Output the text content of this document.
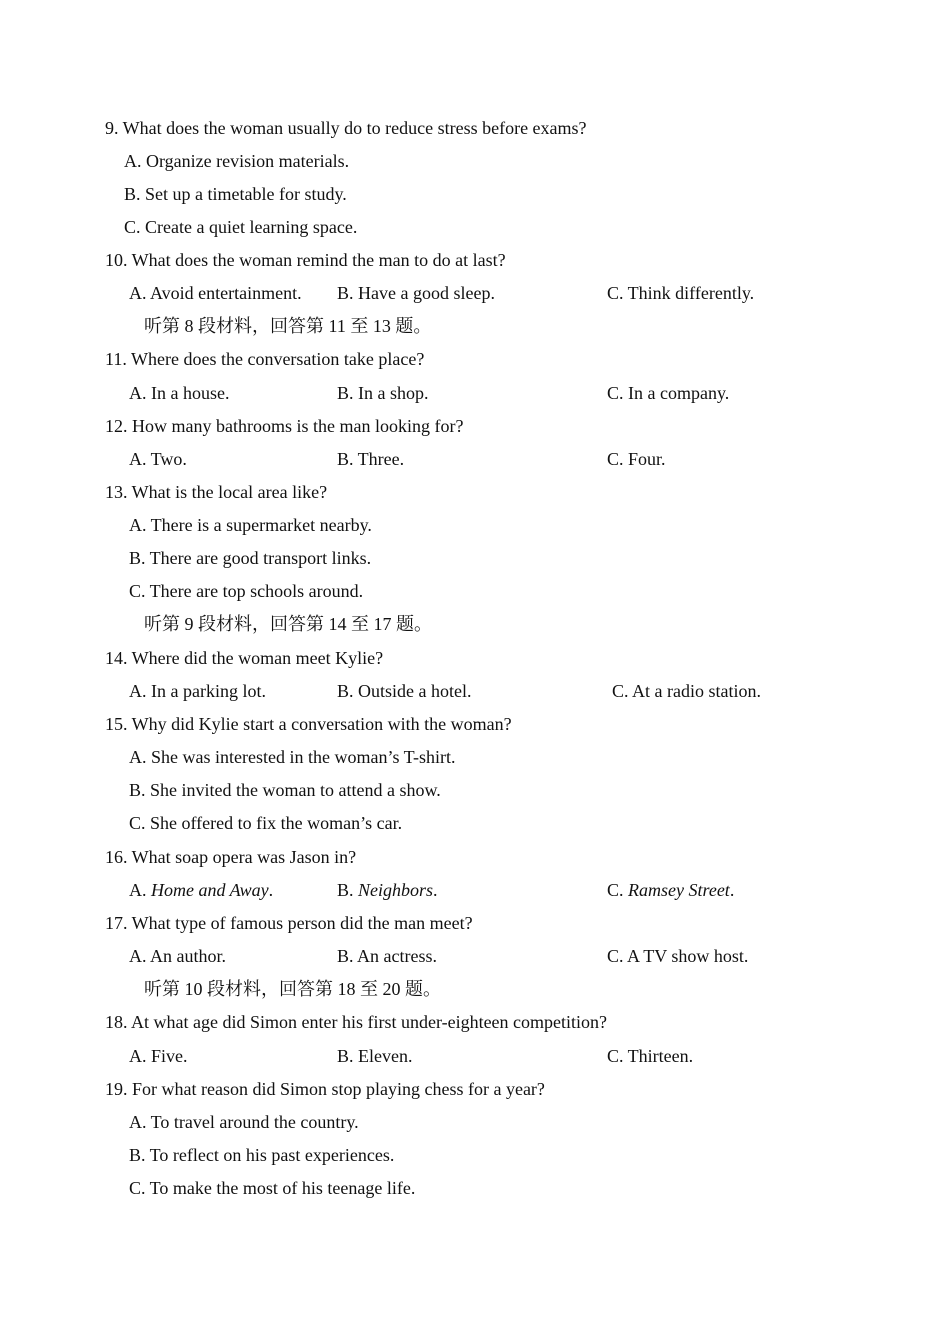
9. What does the woman usually do to reduce stress before exams?
A. Organize revision materials.
B. Set up a timetable for study.
C. Create a quiet learning space.
10. What does the woman remind the man to do at last?
A. Avoid entertainment. B. Have a good sleep.	C. Think differently.
听第 8 段材料，回答第 11 至 13 题。
11. Where does the conversation take place?
A. In a house.	B. In a shop.	C. In a company.
12. How many bathrooms is the man looking for?
A. Two.	B. Three.	C. Four.
13. What is the local area like?
A. There is a supermarket nearby.
B. There are good transport links.
C. There are top schools around.
听第 9 段材料，回答第 14 至 17 题。
14. Where did the woman meet Kylie?
A. In a parking lot.	B. Outside a hotel.	C. At a radio station.
15. Why did Kylie start a conversation with the woman?
A. She was interested in the woman’s T-shirt.
B. She invited the woman to attend a show.
C. She offered to fix the woman’s car.
16. What soap opera was Jason in?
A. Home and Away.	B. Neighbors.	C. Ramsey Street.
17. What type of famous person did the man meet?
A. An author.	B. An actress.	C. A TV show host.
听第 10 段材料，回答第 18 至 20 题。
18. At what age did Simon enter his first under-eighteen competition?
A. Five.	B. Eleven.	C. Thirteen.
19. For what reason did Simon stop playing chess for a year?
A. To travel around the country.
B. To reflect on his past experiences.
C. To make the most of his teenage life.
